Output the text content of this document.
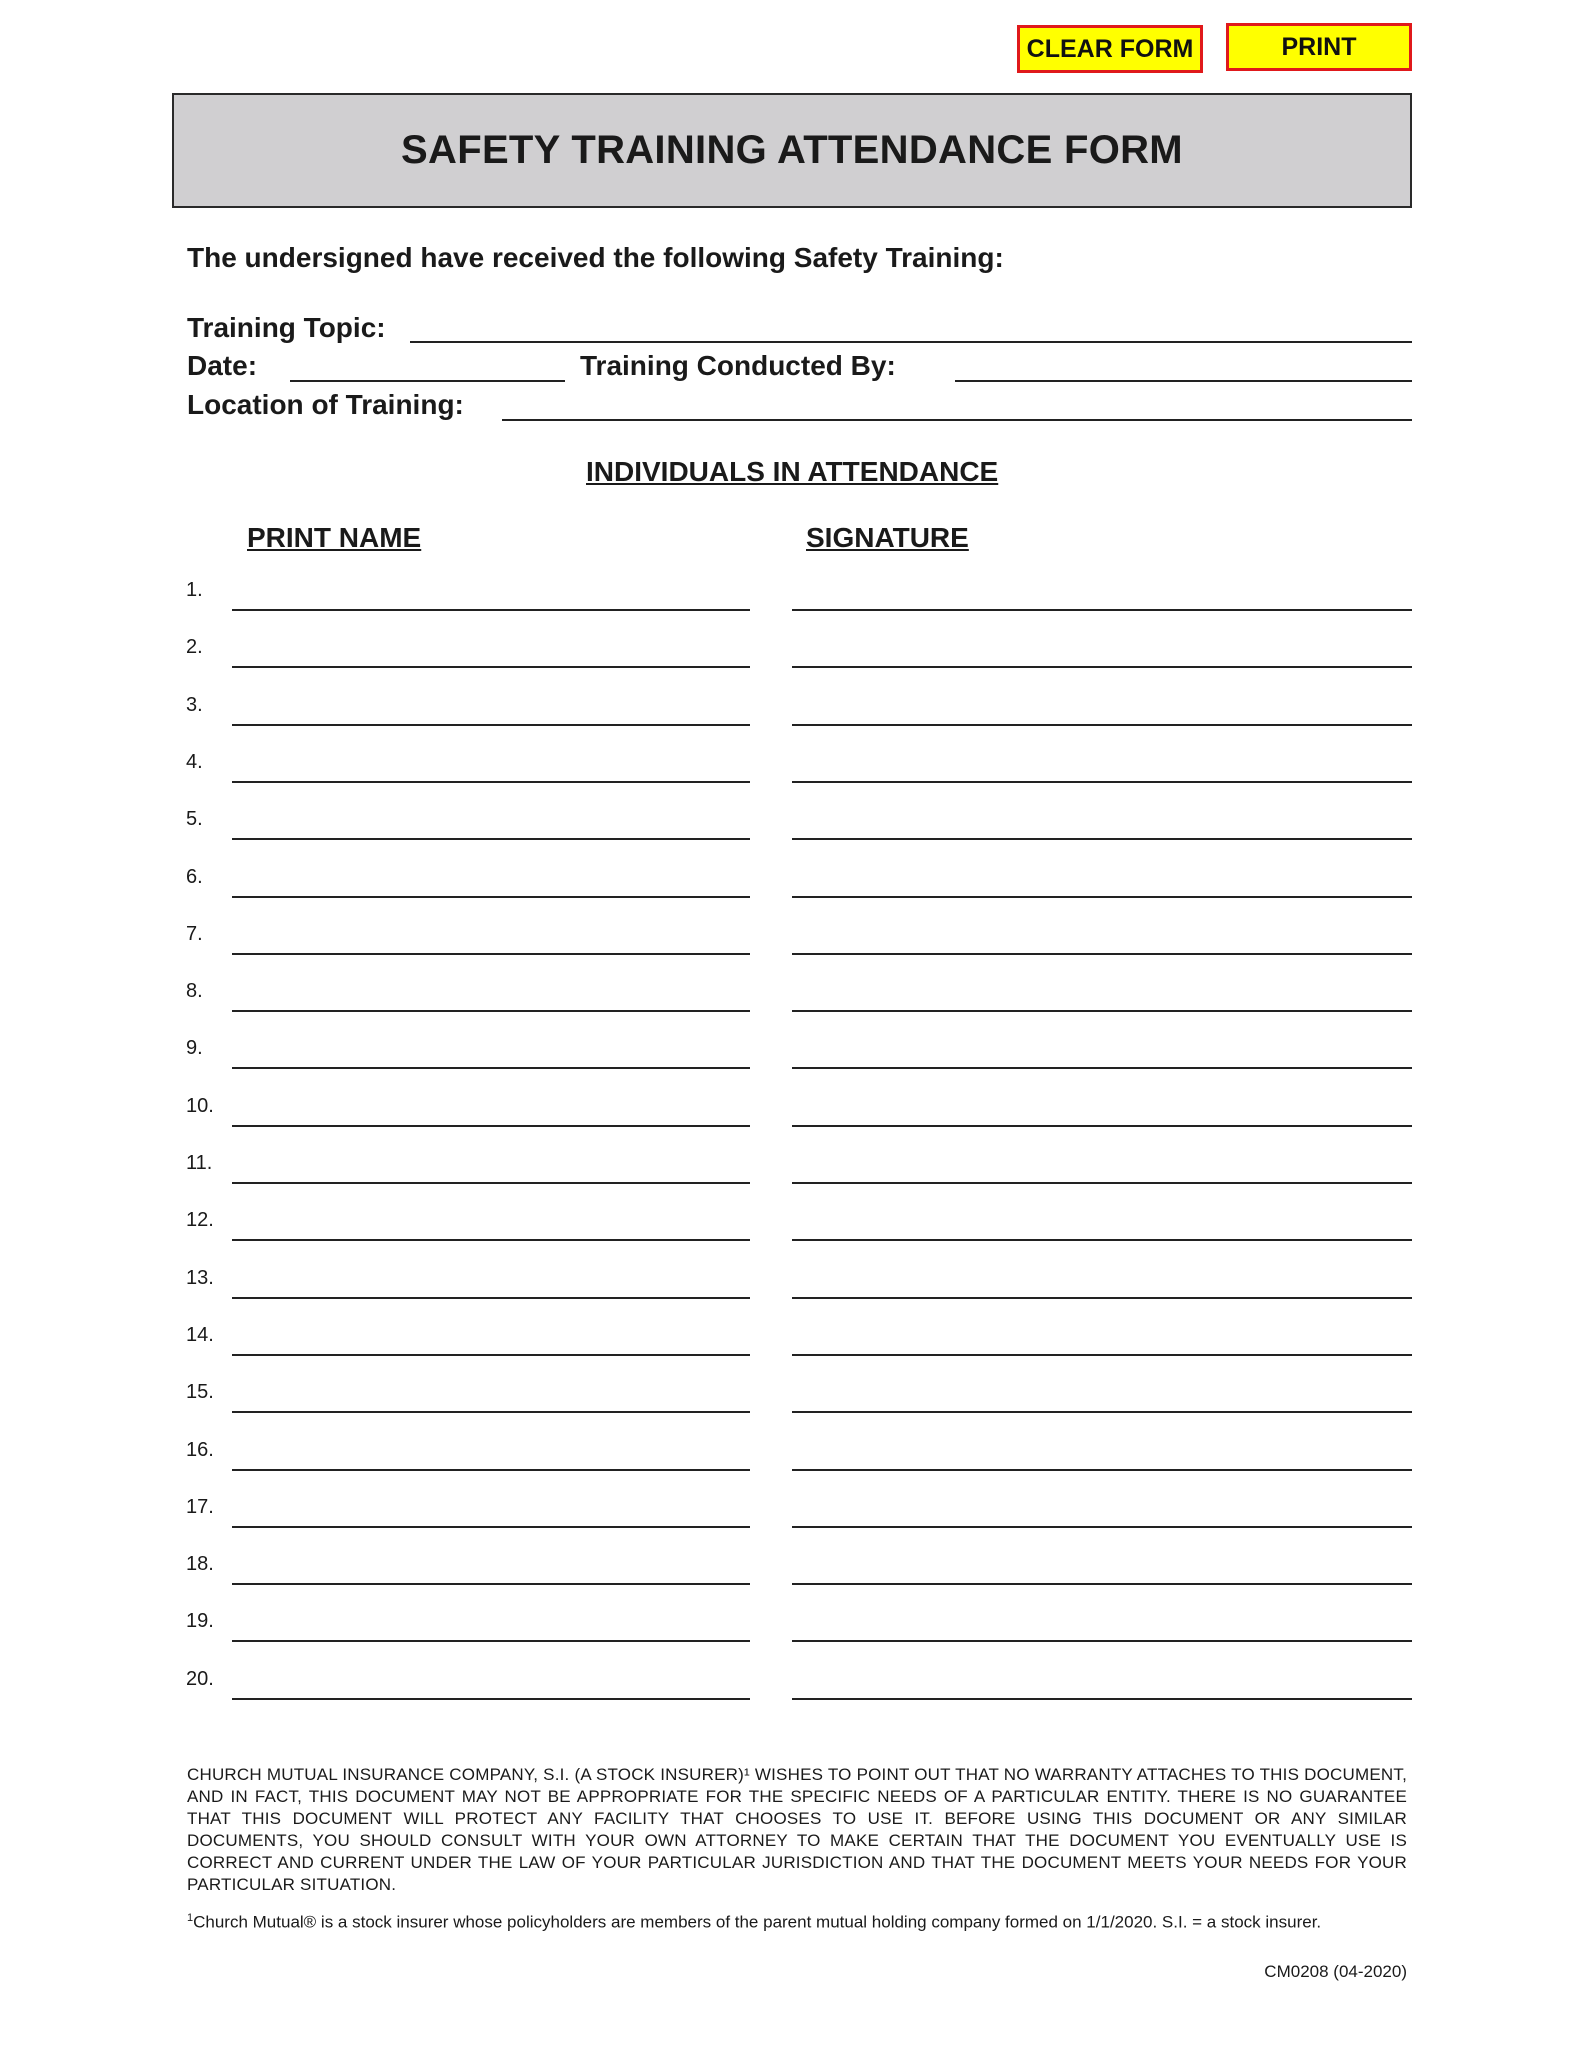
CLEAR FORM	PRINT
SAFETY TRAINING ATTENDANCE FORM
The undersigned have received the following Safety Training:
Training Topic:
Date:	Training Conducted By:
Location of Training:
INDIVIDUALS IN ATTENDANCE
PRINT NAME	SIGNATURE
1.
2.
3.
4.
5.
6.
7.
8.
9.
10.
11.
12.
13.
14.
15.
16.
17.
18.
19.
20.
CHURCH MUTUAL INSURANCE COMPANY, S.I. (A STOCK INSURER)¹ WISHES TO POINT OUT THAT NO WARRANTY ATTACHES TO THIS DOCUMENT, AND IN FACT, THIS DOCUMENT MAY NOT BE APPROPRIATE FOR THE SPECIFIC NEEDS OF A PARTICULAR ENTITY. THERE IS NO GUARANTEE THAT THIS DOCUMENT WILL PROTECT ANY FACILITY THAT CHOOSES TO USE IT. BEFORE USING THIS DOCUMENT OR ANY SIMILAR DOCUMENTS, YOU SHOULD CONSULT WITH YOUR OWN ATTORNEY TO MAKE CERTAIN THAT THE DOCUMENT YOU EVENTUALLY USE IS CORRECT AND CURRENT UNDER THE LAW OF YOUR PARTICULAR JURISDICTION AND THAT THE DOCUMENT MEETS YOUR NEEDS FOR YOUR PARTICULAR SITUATION.
$^1$Church Mutual® is a stock insurer whose policyholders are members of the parent mutual holding company formed on 1/1/2020. S.I. = a stock insurer.
CM0208 (04-2020)
